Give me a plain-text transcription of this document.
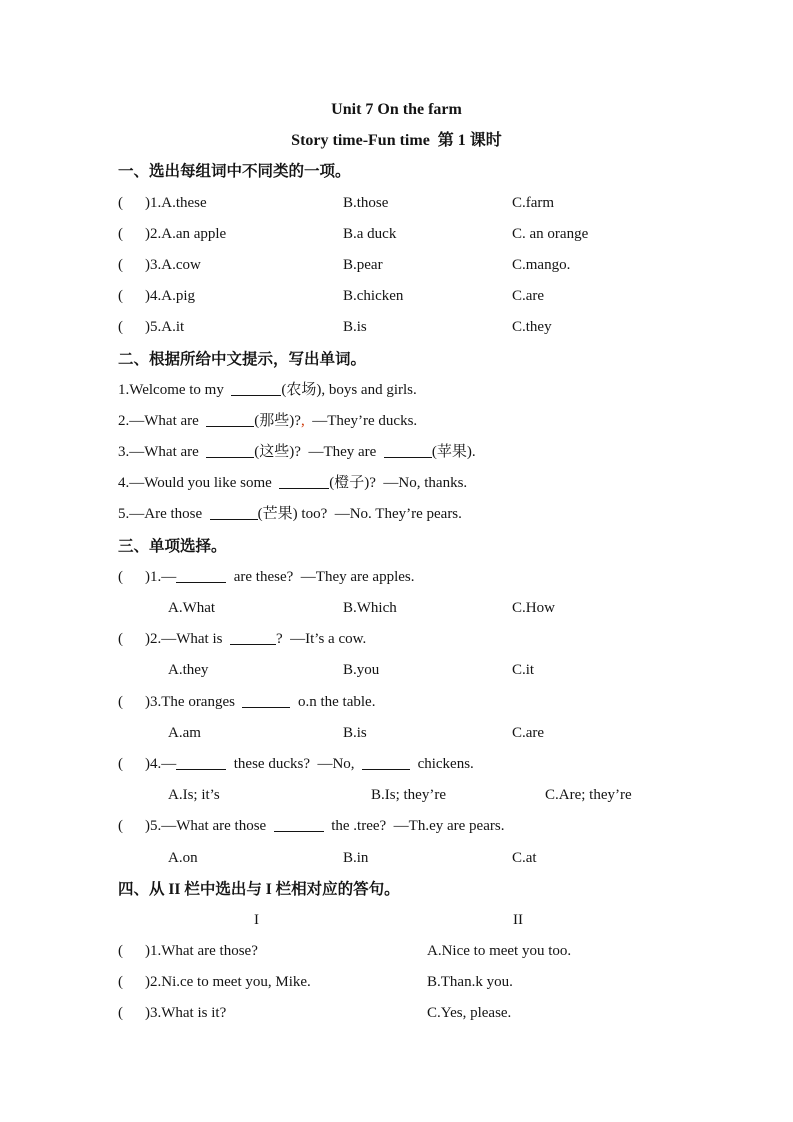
Unit 7 On the farm
Story time-Fun time  第 1 课时
一、选出每组词中不同类的一项。
( )1.A.these	B.those	C.farm
( )2.A.an apple	B.a duck	C. an orange
( )3.A.cow	B.pear	C.mango.
( )4.A.pig	B.chicken	C.are
( )5.A.it	B.is	C.they
二、根据所给中文提示，写出单词。
1.Welcome to my	(农场), boys and girls.
2.—What are	(那些)?,  —They’re ducks.
3.—What are	(这些)?  —They are	(苹果).
4.—Would you like some	(橙子)?  —No, thanks.
5.—Are those	(芒果) too?  —No. They’re pears.
三、单项选择。
( )1.—	are these?  —They are apples.
A.What	B.Which	C.How
( )2.—What is	?  —It’s a cow.
A.they	B.you	C.it
( )3.The oranges	o.n the table.
A.am	B.is	C.are
( )4.—	these ducks?  —No,	chickens.
A.Is; it’s	B.Is; they’re	C.Are; they’re
( )5.—What are those	the .tree?  —Th.ey are pears.
A.on	B.in	C.at
四、从 II 栏中选出与 I 栏相对应的答句。
I	II
( )1.What are those?	A.Nice to meet you too.
( )2.Ni.ce to meet you, Mike.	B.Than.k you.
( )3.What is it?	C.Yes, please.
